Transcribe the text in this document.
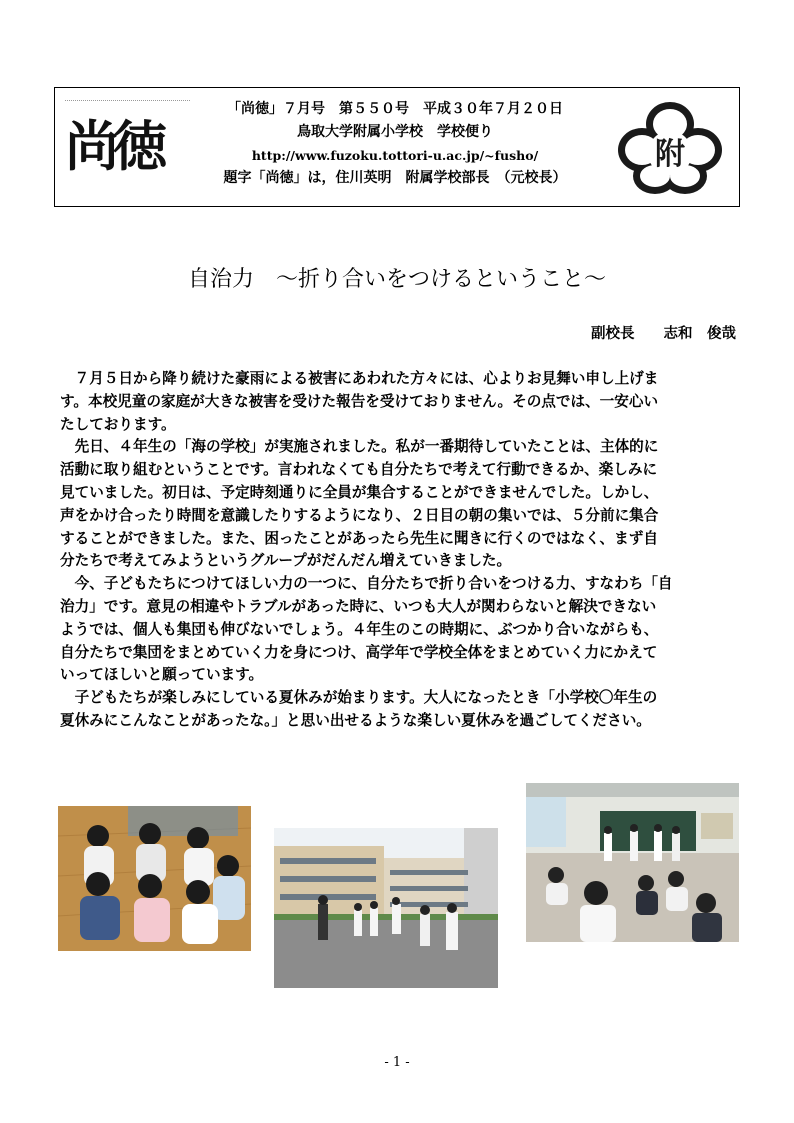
尚徳
「尚徳」７月号　第５５０号　平成３０年７月２０日
鳥取大学附属小学校　学校便り
http://www.fuzoku.tottori-u.ac.jp/~fusho/
題字「尚徳」は，住川英明　附属学校部長　（元校長）
附
自治力　～折り合いをつけるということ～
副校長　　志和　俊哉
　７月５日から降り続けた豪雨による被害にあわれた方々には、心よりお見舞い申し上げま
す。本校児童の家庭が大きな被害を受けた報告を受けておりません。その点では、一安心い
たしております。
　先日、４年生の「海の学校」が実施されました。私が一番期待していたことは、主体的に
活動に取り組むということです。言われなくても自分たちで考えて行動できるか、楽しみに
見ていました。初日は、予定時刻通りに全員が集合することができませんでした。しかし、
声をかけ合ったり時間を意識したりするようになり、２日目の朝の集いでは、５分前に集合
することができました。また、困ったことがあったら先生に聞きに行くのではなく、まず自
分たちで考えてみようというグループがだんだん増えていきました。
　今、子どもたちにつけてほしい力の一つに、自分たちで折り合いをつける力、すなわち「自
治力」です。意見の相違やトラブルがあった時に、いつも大人が関わらないと解決できない
ようでは、個人も集団も伸びないでしょう。４年生のこの時期に、ぶつかり合いながらも、
自分たちで集団をまとめていく力を身につけ、高学年で学校全体をまとめていく力にかえて
いってほしいと願っています。
　子どもたちが楽しみにしている夏休みが始まります。大人になったとき「小学校〇年生の
夏休みにこんなことがあったな。」と思い出せるような楽しい夏休みを過ごしてください。
- 1 -
